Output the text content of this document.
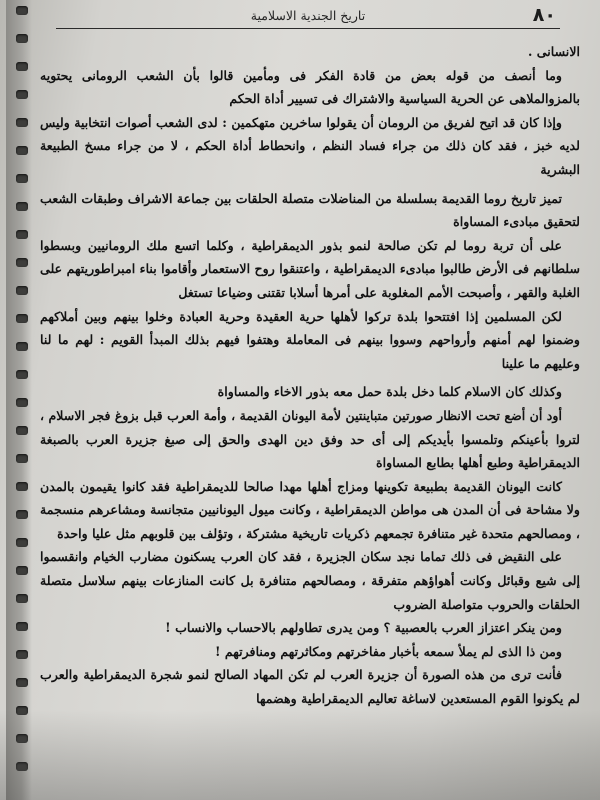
٨٠
تاريخ الجندية الاسلامية

الانسانى .

وما أنصف من قوله بعض من قادة الفكر فى ومأمين قالوا بأن الشعب الرومانى يحتويه بالمزوالملاهى عن الحرية السياسية والاشتراك فى تسيير أداة الحكم

وإذا كان قد اتيح لفريق من الرومان أن يقولوا ساخرين متهكمين : لدى الشعب أصوات انتخابية وليس لديه خبز ، فقد كان ذلك من جراء فساد النظم ، وانحطاط أداة الحكم ، لا من جراء مسخ الطبيعة البشرية

تميز تاريخ روما القديمة بسلسلة من المناضلات متصلة الحلقات بين جماعة الاشراف وطبقات الشعب لتحقيق مبادىء المساواة

على أن تربة روما لم تكن صالحة لنمو بذور الديمقراطية ، وكلما اتسع ملك الرومانيين وبسطوا سلطانهم فى الأرض طالبوا مبادىء الديمقراطية ، واعتنقوا روح الاستعمار وأقاموا بناء امبراطوريتهم على الغلبة والقهر ، وأصبحت الأمم المغلوبة على أمرها أسلابا تقتنى وضياعا تستغل

لكن المسلمين إذا افتتحوا بلدة تركوا لأهلها حرية العقيدة وحرية العبادة وخلوا بينهم وبين أملاكهم وضمنوا لهم أمنهم وأرواحهم وسووا بينهم فى المعاملة وهتفوا فيهم بذلك المبدأ القويم : لهم ما لنا وعليهم ما علينا

وكذلك كان الاسلام كلما دخل بلدة حمل معه بذور الاخاء والمساواة

أود أن أضع تحت الانظار صورتين متباينتين لأمة اليونان القديمة ، وأمة العرب قبل بزوغ فجر الاسلام ، لتروا بأعينكم وتلمسوا بأيديكم إلى أى حد وفق دين الهدى والحق إلى صبغ جزيرة العرب بالصبغة الديمقراطية وطبع أهلها بطابع المساواة

كانت اليونان القديمة بطبيعة تكوينها ومزاج أهلها مهدا صالحا للديمقراطية فقد كانوا يقيمون بالمدن ولا مشاحة فى أن المدن هى مواطن الديمقراطية ، وكانت ميول اليونانيين متجانسة ومشاعرهم منسجمة ، ومصالحهم متحدة غير متنافرة تجمعهم ذكريات تاريخية مشتركة ، وتؤلف بين قلوبهم مثل عليا واحدة

على النقيض فى ذلك تماما نجد سكان الجزيرة ، فقد كان العرب يسكنون مضارب الخيام وانقسموا إلى شيع وقبائل وكانت أهواؤهم متفرقة ، ومصالحهم متنافرة بل كانت المنازعات بينهم سلاسل متصلة الحلقات والحروب متواصلة الضروب

ومن ينكر اعتزاز العرب بالعصبية ؟ ومن يدرى تطاولهم بالاحساب والانساب !

ومن ذا الذى لم يملأ سمعه بأخبار مفاخرتهم ومكاثرتهم ومنافرتهم !

فأنت ترى من هذه الصورة أن جزيرة العرب لم تكن المهاد الصالح لنمو شجرة الديمقراطية والعرب لم يكونوا القوم المستعدين لاساغة تعاليم الديمقراطية وهضمها
